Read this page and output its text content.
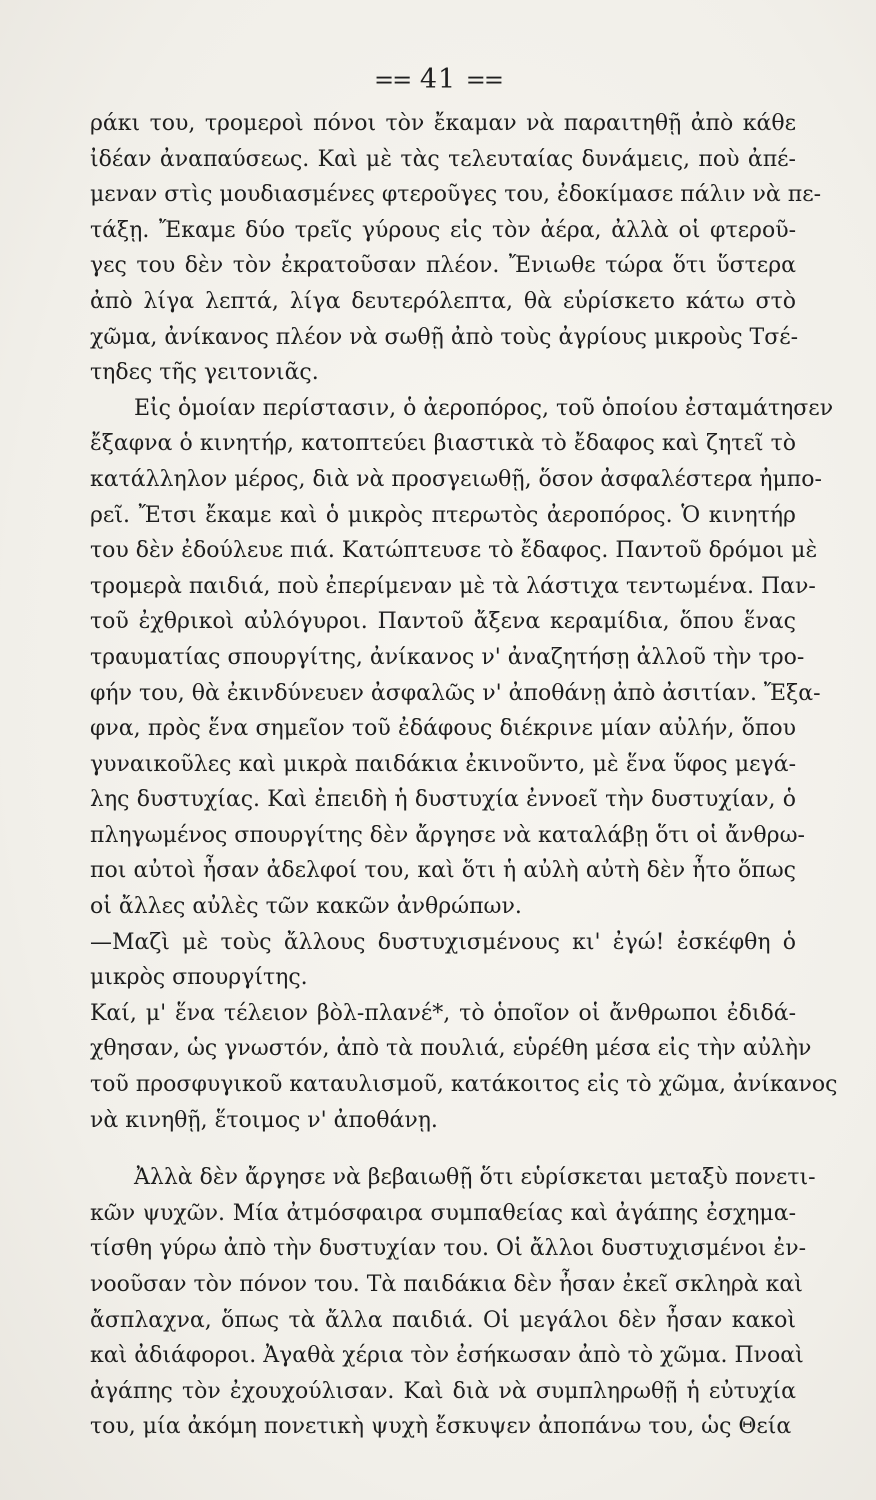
== 41 ==
ράκι του, τρομεροὶ πόνοι τὸν ἔκαμαν νὰ παραιτηθῇ ἀπὸ κάθε
ἰδέαν ἀναπαύσεως. Καὶ μὲ τὰς τελευταίας δυνάμεις, ποὺ ἀπέ-
μεναν στὶς μουδιασμένες φτεροῦγες του, ἐδοκίμασε πάλιν νὰ πε-
τάξῃ. Ἔκαμε δύο τρεῖς γύρους εἰς τὸν ἀέρα, ἀλλὰ οἱ φτεροῦ-
γες του δὲν τὸν ἐκρατοῦσαν πλέον. Ἔνιωθε τώρα ὅτι ὕστερα
ἀπὸ λίγα λεπτά, λίγα δευτερόλεπτα, θὰ εὑρίσκετο κάτω στὸ
χῶμα, ἀνίκανος πλέον νὰ σωθῇ ἀπὸ τοὺς ἀγρίους μικροὺς Τσέ-
τηδες τῆς γειτονιᾶς.
Εἰς ὁμοίαν περίστασιν, ὁ ἀεροπόρος, τοῦ ὁποίου ἐσταμάτησεν
ἔξαφνα ὁ κινητήρ, κατοπτεύει βιαστικὰ τὸ ἔδαφος καὶ ζητεῖ τὸ
κατάλληλον μέρος, διὰ νὰ προσγειωθῇ, ὅσον ἀσφαλέστερα ἠμπο-
ρεῖ. Ἔτσι ἔκαμε καὶ ὁ μικρὸς πτερωτὸς ἀεροπόρος. Ὁ κινητήρ
του δὲν ἐδούλευε πιά. Κατώπτευσε τὸ ἔδαφος. Παντοῦ δρόμοι μὲ
τρομερὰ παιδιά, ποὺ ἐπερίμεναν μὲ τὰ λάστιχα τεντωμένα. Παν-
τοῦ ἐχθρικοὶ αὐλόγυροι. Παντοῦ ἄξενα κεραμίδια, ὅπου ἕνας
τραυματίας σπουργίτης, ἀνίκανος ν' ἀναζητήσῃ ἀλλοῦ τὴν τρο-
φήν του, θὰ ἐκινδύνευεν ἀσφαλῶς ν' ἀποθάνῃ ἀπὸ ἀσιτίαν. Ἔξα-
φνα, πρὸς ἕνα σημεῖον τοῦ ἐδάφους διέκρινε μίαν αὐλήν, ὅπου
γυναικοῦλες καὶ μικρὰ παιδάκια ἐκινοῦντο, μὲ ἕνα ὕφος μεγά-
λης δυστυχίας. Καὶ ἐπειδὴ ἡ δυστυχία ἐννοεῖ τὴν δυστυχίαν, ὁ
πληγωμένος σπουργίτης δὲν ἄργησε νὰ καταλάβῃ ὅτι οἱ ἄνθρω-
ποι αὐτοὶ ἦσαν ἀδελφοί του, καὶ ὅτι ἡ αὐλὴ αὐτὴ δὲν ἦτο ὅπως
οἱ ἄλλες αὐλὲς τῶν κακῶν ἀνθρώπων.
—Μαζὶ μὲ τοὺς ἄλλους δυστυχισμένους κι' ἐγώ! ἐσκέφθη ὁ
μικρὸς σπουργίτης.
Καί, μ' ἕνα τέλειον βὸλ-πλανέ*, τὸ ὁποῖον οἱ ἄνθρωποι ἐδιδά-
χθησαν, ὡς γνωστόν, ἀπὸ τὰ πουλιά, εὑρέθη μέσα εἰς τὴν αὐλὴν
τοῦ προσφυγικοῦ καταυλισμοῦ, κατάκοιτος εἰς τὸ χῶμα, ἀνίκανος
νὰ κινηθῇ, ἕτοιμος ν' ἀποθάνῃ.
Ἀλλὰ δὲν ἄργησε νὰ βεβαιωθῇ ὅτι εὑρίσκεται μεταξὺ πονετι-
κῶν ψυχῶν. Μία ἀτμόσφαιρα συμπαθείας καὶ ἀγάπης ἐσχημα-
τίσθη γύρω ἀπὸ τὴν δυστυχίαν του. Οἱ ἄλλοι δυστυχισμένοι ἐν-
νοοῦσαν τὸν πόνον του. Τὰ παιδάκια δὲν ἦσαν ἐκεῖ σκληρὰ καὶ
ἄσπλαχνα, ὅπως τὰ ἄλλα παιδιά. Οἱ μεγάλοι δὲν ἦσαν κακοὶ
καὶ ἀδιάφοροι. Ἀγαθὰ χέρια τὸν ἐσήκωσαν ἀπὸ τὸ χῶμα. Πνοαὶ
ἀγάπης τὸν ἐχουχούλισαν. Καὶ διὰ νὰ συμπληρωθῇ ἡ εὐτυχία
του, μία ἀκόμη πονετικὴ ψυχὴ ἔσκυψεν ἀποπάνω του, ὡς Θεία
